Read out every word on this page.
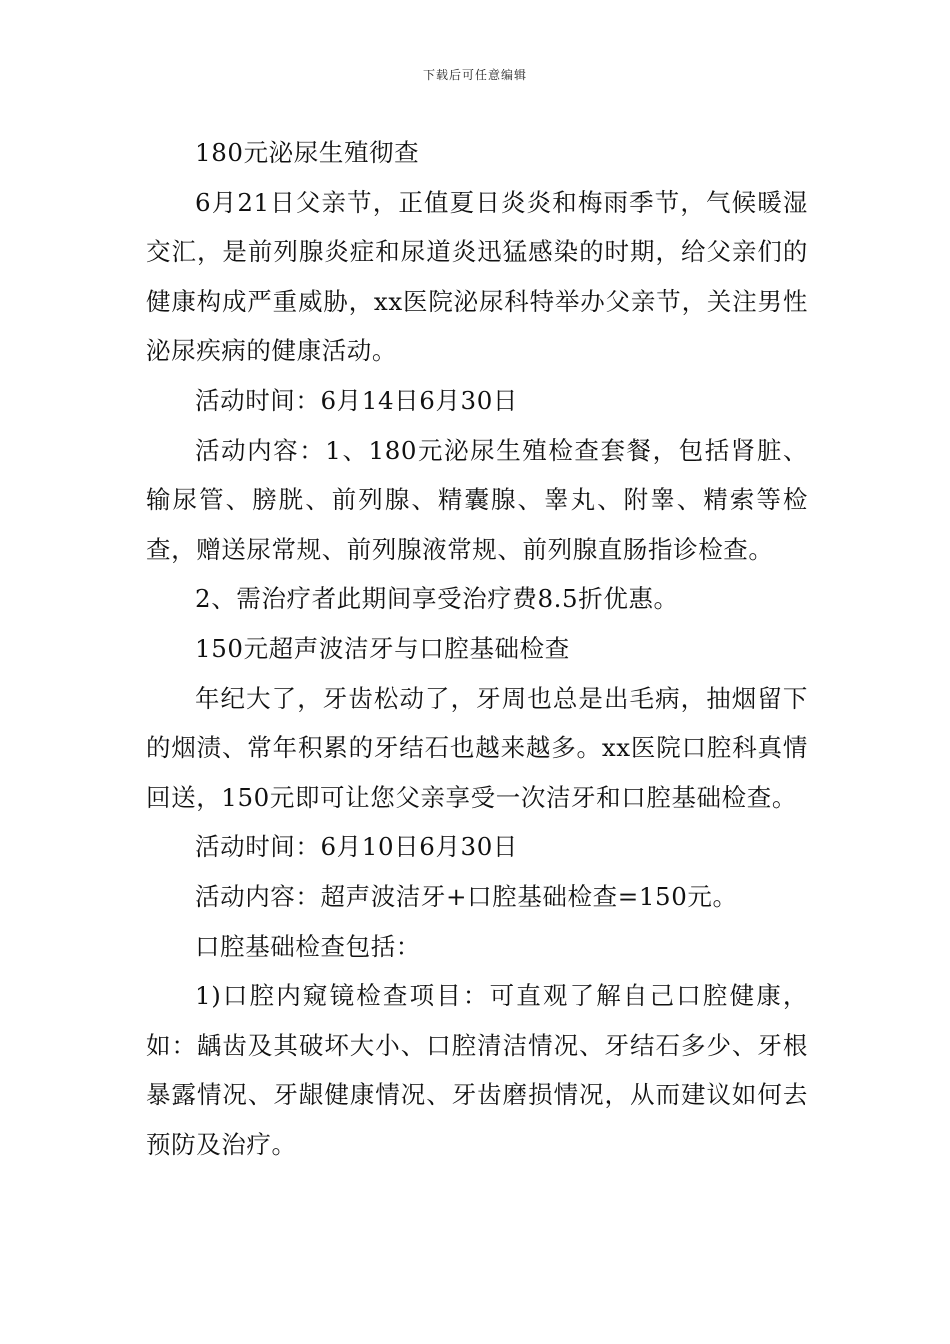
下载后可任意编辑

180元泌尿生殖彻查

6月21日父亲节，正值夏日炎炎和梅雨季节，气候暖湿交汇，是前列腺炎症和尿道炎迅猛感染的时期，给父亲们的健康构成严重威胁，xx医院泌尿科特举办父亲节，关注男性泌尿疾病的健康活动。

活动时间：6月14日6月30日

活动内容：1、180元泌尿生殖检查套餐，包括肾脏、输尿管、膀胱、前列腺、精囊腺、睾丸、附睾、精索等检查，赠送尿常规、前列腺液常规、前列腺直肠指诊检查。

2、需治疗者此期间享受治疗费8.5折优惠。

150元超声波洁牙与口腔基础检查

年纪大了，牙齿松动了，牙周也总是出毛病，抽烟留下的烟渍、常年积累的牙结石也越来越多。xx医院口腔科真情回送，150元即可让您父亲享受一次洁牙和口腔基础检查。

活动时间：6月10日6月30日

活动内容：超声波洁牙+口腔基础检查=150元。

口腔基础检查包括：

1)口腔内窥镜检查项目：可直观了解自己口腔健康，如：龋齿及其破坏大小、口腔清洁情况、牙结石多少、牙根暴露情况、牙龈健康情况、牙齿磨损情况，从而建议如何去预防及治疗。
